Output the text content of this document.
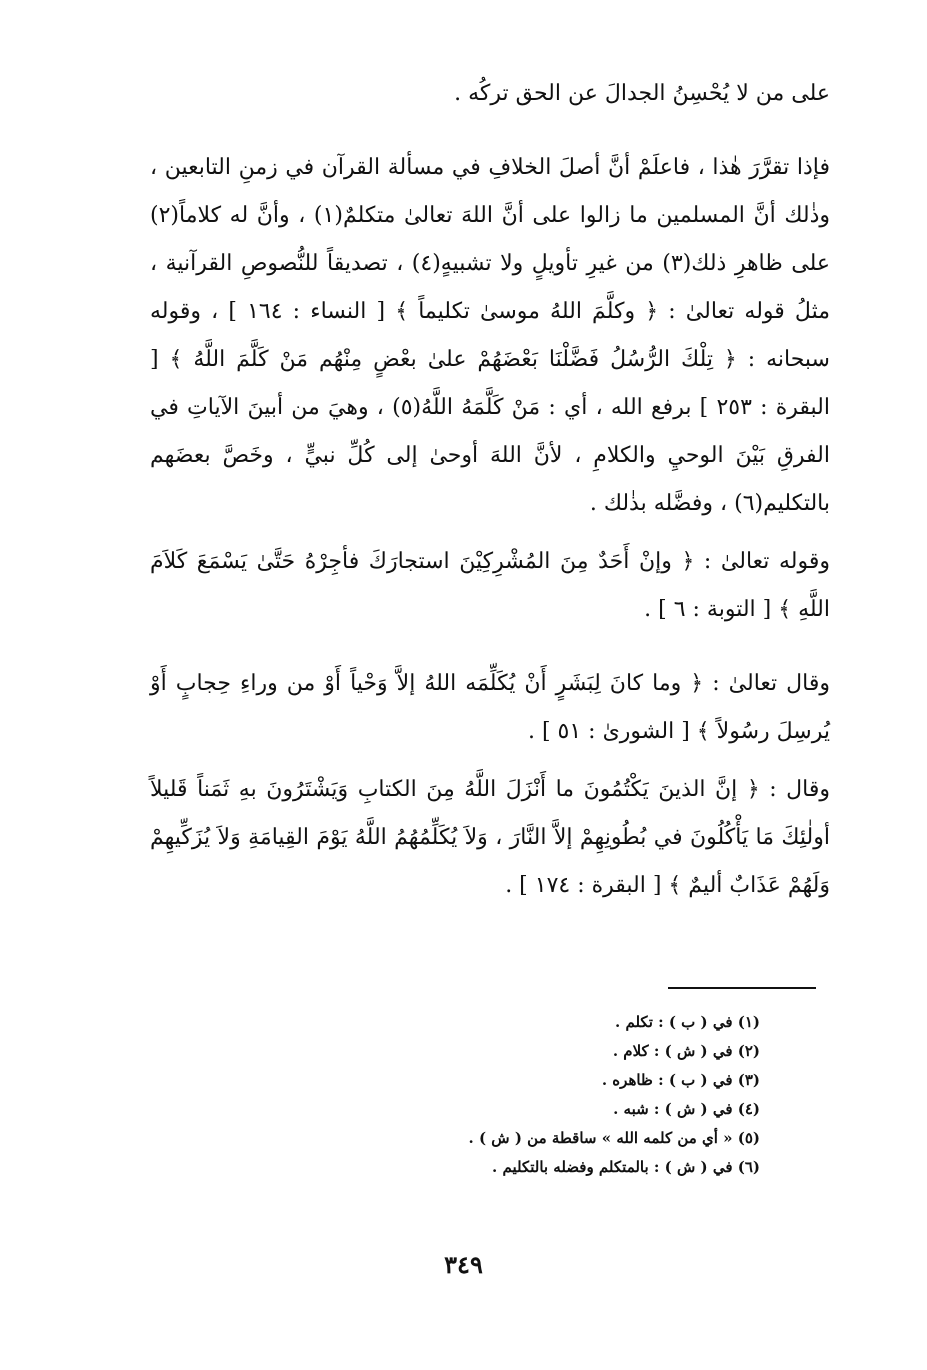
على من لا يُحْسِنُ الجدالَ عن الحق تركُه .

فإذا تقرَّرَ هٰذا ، فاعلَمْ أنَّ أصلَ الخلافِ في مسألة القرآن في زمنِ التابعين ، وذٰلك أنَّ المسلمين ما زالوا على أنَّ اللهَ تعالىٰ متكلمٌ(١) ، وأنَّ له كلاماً(٢) على ظاهرِ ذلك(٣) من غيرِ تأويلٍ ولا تشبيهٍ(٤) ، تصديقاً للنُّصوصِ القرآنية ، مثلُ قوله تعالىٰ : ﴿ وكلَّمَ اللهُ موسىٰ تكليماً ﴾ [ النساء : ١٦٤ ] ، وقوله سبحانه : ﴿ تِلْكَ الرُّسُلُ فَضَّلْنَا بَعْضَهُمْ علىٰ بعْضٍ مِنْهُم مَنْ كَلَّمَ اللَّهُ ﴾ [ البقرة : ٢٥٣ ] برفع الله ، أي : مَنْ كَلَّمَهُ اللَّهُ(٥) ، وهيَ من أبينَ الآياتِ في الفرقِ بَيْنَ الوحيِ والكلامِ ، لأنَّ اللهَ أوحىٰ إلى كُلِّ نبيٍّ ، وخَصَّ بعضَهم بالتكليم(٦) ، وفضَّله بذٰلك .

وقوله تعالىٰ : ﴿ وإنْ أَحَدٌ مِنَ المُشْرِكِيْنَ استجارَكَ فأجِرْهُ حَتَّىٰ يَسْمَعَ كَلاَمَ اللَّهِ ﴾ [ التوبة : ٦ ] .

وقال تعالىٰ : ﴿ وما كانَ لِبَشَرٍ أَنْ يُكَلِّمَه اللهُ إلاَّ وَحْياً أَوْ من وراءِ حِجابٍ أَوْ يُرسِلَ رسُولاً ﴾ [ الشورىٰ : ٥١ ] .

وقال : ﴿ إنَّ الذينَ يَكْتُمُونَ ما أَنْزَلَ اللَّهُ مِنَ الكتابِ وَيَشْتَرُونَ بهِ ثَمَناً قَليلاً أولٰئِكَ مَا يَأْكُلُونَ في بُطُونِهِمْ إلاَّ النَّارَ ، وَلاَ يُكَلِّمُهُمُ اللَّهُ يَوْمَ القِيامَةِ وَلاَ يُزَكِّيهِمْ وَلَهُمْ عَذَابٌ أليمٌ ﴾ [ البقرة : ١٧٤ ] .

(١) في ( ب ) : تكلم .
(٢) في ( ش ) : كلام .
(٣) في ( ب ) : ظاهره .
(٤) في ( ش ) : شبه .
(٥) « أي من كلمه الله » ساقطة من ( ش ) .
(٦) في ( ش ) : بالمتكلم وفضله بالتكليم .
٣٤٩
